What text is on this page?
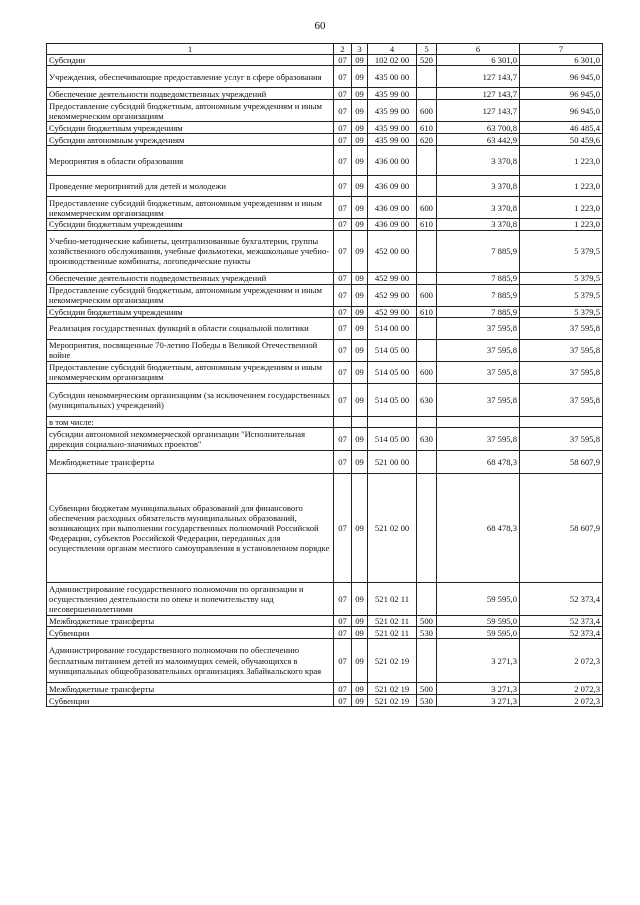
60
1	2	3	4	5	6	7
Субсидии	07	09	102 02 00	520	6 301,0	6 301,0
Учреждения, обеспечивающие предоставление услуг в сфере образования	07	09	435 00 00		127 143,7	96 945,0
Обеспечение деятельности подведомственных учреждений	07	09	435 99 00		127 143,7	96 945,0
Предоставление субсидий бюджетным, автономным учреждениям и иным некоммерческим организациям	07	09	435 99 00	600	127 143,7	96 945,0
Субсидии бюджетным учреждениям	07	09	435 99 00	610	63 700,8	46 485,4
Субсидии автономным учреждениям	07	09	435 99 00	620	63 442,9	50 459,6
Мероприятия в области образования	07	09	436 00 00		3 370,8	1 223,0
Проведение мероприятий для детей и молодежи	07	09	436 09 00		3 370,8	1 223,0
Предоставление субсидий бюджетным, автономным учреждениям и иным некоммерческим организациям	07	09	436 09 00	600	3 370,8	1 223,0
Субсидии бюджетным учреждениям	07	09	436 09 00	610	3 370,8	1 223,0
Учебно-методические кабинеты, централизованные бухгалтерии, группы хозяйственного обслуживания, учебные фильмотеки, межшкольные учебно-производственные комбинаты, логопедические пункты	07	09	452 00 00		7 885,9	5 379,5
Обеспечение деятельности подведомственных учреждений	07	09	452 99 00		7 885,9	5 379,5
Предоставление субсидий бюджетным, автономным учреждениям и иным некоммерческим организациям	07	09	452 99 00	600	7 885,9	5 379,5
Субсидии бюджетным учреждениям	07	09	452 99 00	610	7 885,9	5 379,5
Реализация государственных функций в области социальной политики	07	09	514 00 00		37 595,8	37 595,8
Мероприятия, посвященные 70-летию Победы в Великой Отечественной войне	07	09	514 05 00		37 595,8	37 595,8
Предоставление субсидий бюджетным, автономным учреждениям и иным некоммерческим организациям	07	09	514 05 00	600	37 595,8	37 595,8
Субсидии некоммерческим организациям (за исключением государственных (муниципальных) учреждений)	07	09	514 05 00	630	37 595,8	37 595,8
в том числе:						
субсидии автономной некоммерческой организации "Исполнительная дирекция социально-значимых проектов"	07	09	514 05 00	630	37 595,8	37 595,8
Межбюджетные трансферты	07	09	521 00 00		68 478,3	58 607,9
Субвенции бюджетам муниципальных образований для финансового обеспечения расходных обязательств муниципальных образований, возникающих при выполнении государственных полномочий Российской Федерации, субъектов Российской Федерации, переданных для осуществления органам местного самоуправления в установленном порядке	07	09	521 02 00		68 478,3	58 607,9
Администрирование государственного полномочия по организации и осуществлению деятельности по опеке и попечительству над несовершеннолетними	07	09	521 02 11		59 595,0	52 373,4
Межбюджетные трансферты	07	09	521 02 11	500	59 595,0	52 373,4
Субвенции	07	09	521 02 11	530	59 595,0	52 373,4
Администрирование государственного полномочия по обеспечению бесплатным питанием детей из малоимущих семей, обучающихся в муниципальных общеобразовательных организациях Забайкальского края	07	09	521 02 19		3 271,3	2 072,3
Межбюджетные трансферты	07	09	521 02 19	500	3 271,3	2 072,3
Субвенции	07	09	521 02 19	530	3 271,3	2 072,3
